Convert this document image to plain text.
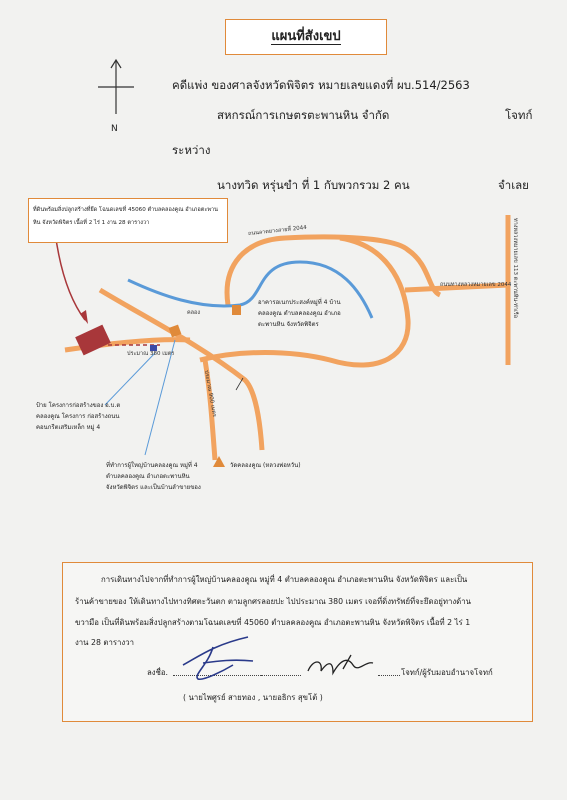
แผนที่สังเขป
N
คดีแพ่ง ของศาลจังหวัดพิจิตร หมายเลขแดงที่ ผบ.514/2563
สหกรณ์การเกษตรตะพานหิน จำกัด	โจทก์
ระหว่าง
นางทวิด หรุ่นขำ ที่ 1 กับพวกรวม 2 คน	จำเลย
ที่ดินพร้อมสิ่งปลูกสร้างที่ยึด โฉนดเลขที่ 45060 ตำบลคลองคูณ อำเภอตะพาน
หิน จังหวัดพิจิตร เนื้อที่ 2 ไร่ 1 งาน 28 ตารางวา
ถนนลาดยางสายที่ 2044
ถนนทางหลวงหมายเลข 2044 ทางหลวงหมายเลข 113 ตะพานหิน-ท่าเรือ
คลอง
ประมาณ 380 เมตร
ประมาณ 900 เมตร
อาคารอเนกประสงค์หมู่ที่ 4 บ้าน
คลองคูณ ตำบลคลองคูณ อำเภอ
ตะพานหิน จังหวัดพิจิตร
ป้าย โครงการก่อสร้างของ อ.บ.ต
คลองคูณ โครงการ ก่อสร้างถนน
คอนกรีตเสริมเหล็ก หมู่ 4
ที่ทำการผู้ใหญ่บ้านคลองคูณ หมู่ที่ 4
ตำบลคลองคูณ อำเภอตะพานหิน
จังหวัดพิจิตร และเป็นบ้านลำขายของ
วัดคลองคูณ (หลวงพ่อหวัน)
การเดินทางไปจากที่ทำการผู้ใหญ่บ้านคลองคูณ หมู่ที่ 4 ตำบลคลองคูณ อำเภอตะพานหิน จังหวัดพิจิตร และเป็น
ร้านค้าขายของ ให้เดินทางไปทางทิศตะวันตก ตามลูกศรลอยปะ ไปประมาณ 380 เมตร เจอที่ดิ่งทรัพย์ที่จะยึดอยู่ทางด้าน
ขวามือ เป็นที่ดินพร้อมสิ่งปลูกสร้างตามโฉนดเลขที่ 45060 ตำบลคลองคูณ อำเภอตะพานหิน จังหวัดพิจิตร เนื้อที่ 2 ไร่ 1
งาน 28 ตารางวา
ลงชื่อ.	โจทก์/ผู้รับมอบอำนาจโจทก์
( นายไพศูรย์ สายทอง , นายอธิกร สุขโต้ )
